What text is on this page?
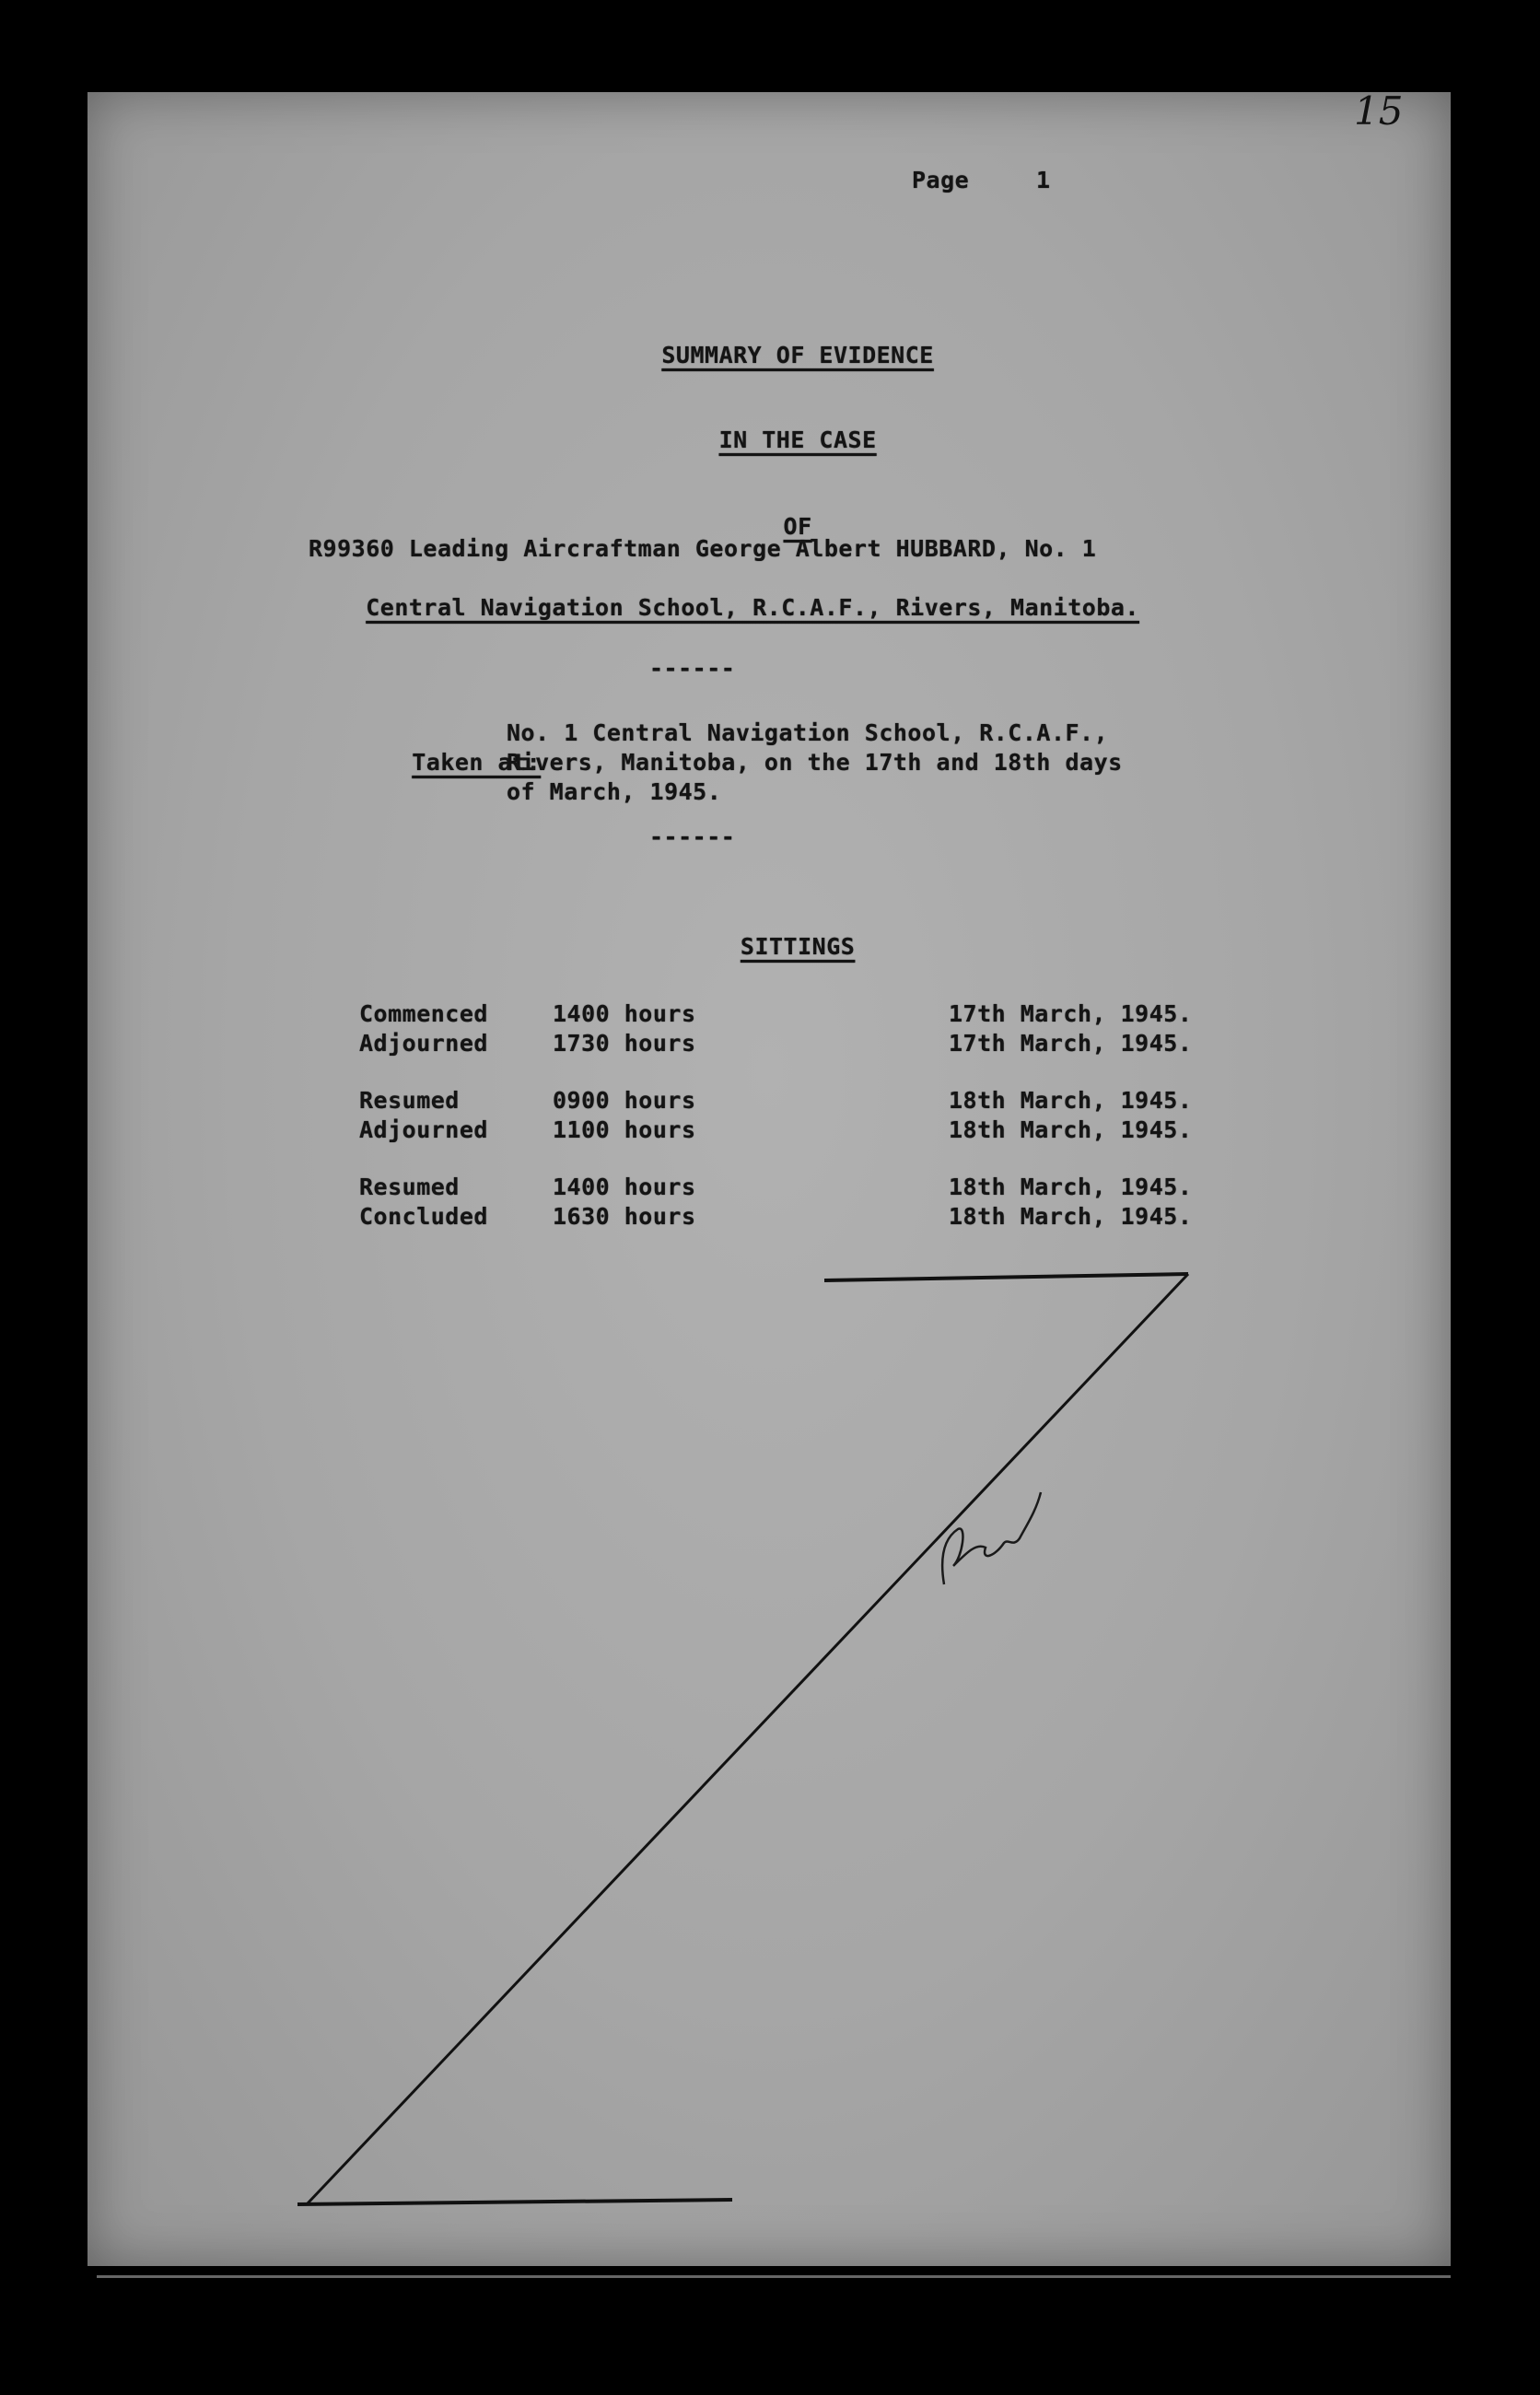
15
Page	1

SUMMARY OF EVIDENCE

IN THE CASE

OF

R99360 Leading Aircraftman George Albert HUBBARD, No. 1

Central Navigation School, R.C.A.F., Rivers, Manitoba.

------

Taken at:

No. 1 Central Navigation School, R.C.A.F.,
Rivers, Manitoba, on the 17th and 18th days
of March, 1945.
------

SITTINGS

Commenced	1400 hours	17th March, 1945.
Adjourned	1730 hours	17th March, 1945.
Resumed	0900 hours	18th March, 1945.
Adjourned	1100 hours	18th March, 1945.
Resumed	1400 hours	18th March, 1945.
Concluded	1630 hours	18th March, 1945.
